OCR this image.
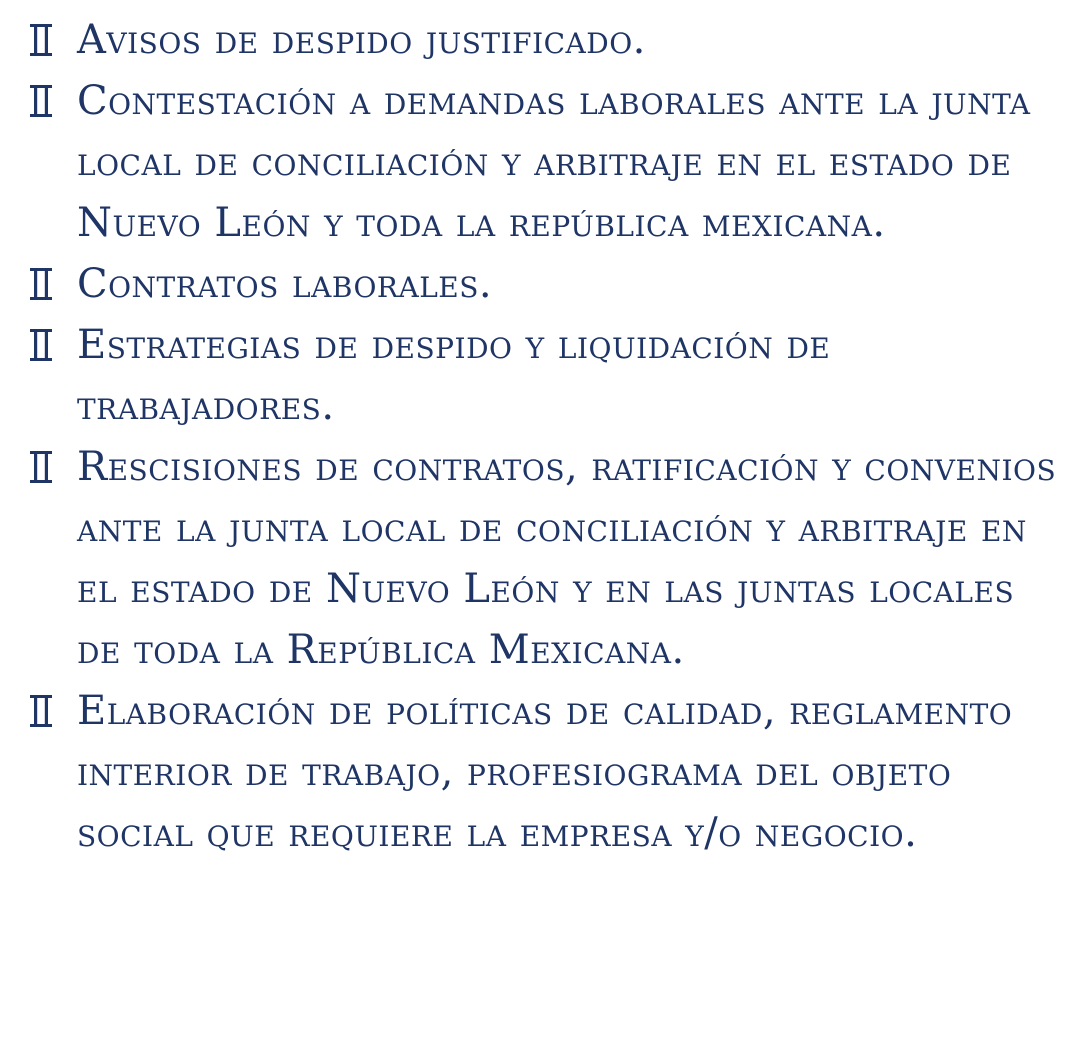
Avisos de despido justificado.
Contestación a demandas laborales ante la junta local de conciliación y arbitraje en el estado de Nuevo León y toda la república mexicana.
Contratos laborales.
Estrategias de despido y liquidación de trabajadores.
Rescisiones de contratos, ratificación y convenios ante la junta local de conciliación y arbitraje en el estado de Nuevo León y en las juntas locales de toda la República Mexicana.
Elaboración de políticas de calidad, reglamento interior de trabajo, profesiograma del objeto social que requiere la empresa y/o negocio.
